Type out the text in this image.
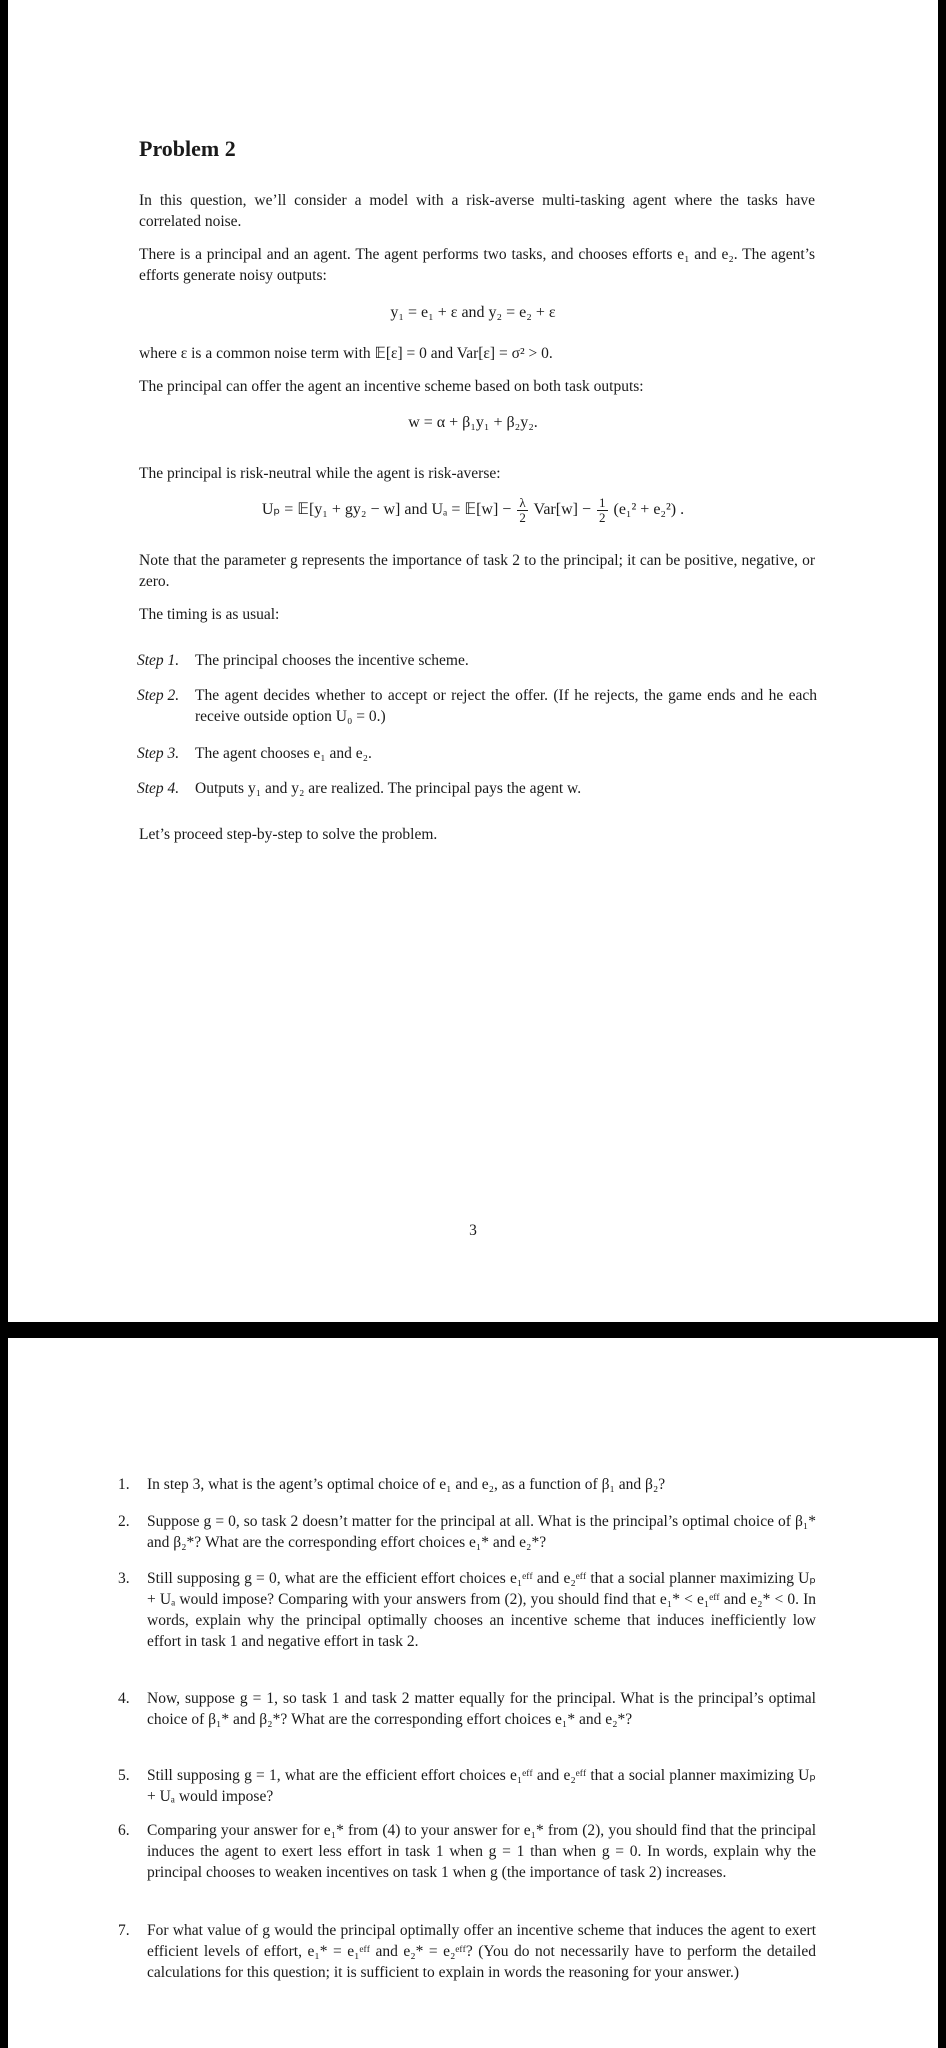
Problem 2
In this question, we’ll consider a model with a risk-averse multi-tasking agent where the tasks have correlated noise.
There is a principal and an agent. The agent performs two tasks, and chooses efforts e₁ and e₂. The agent’s efforts generate noisy outputs:
y₁ = e₁ + ε and y₂ = e₂ + ε
where ε is a common noise term with 𝔼[ε] = 0 and Var[ε] = σ² > 0.
The principal can offer the agent an incentive scheme based on both task outputs:
w = α + β₁y₁ + β₂y₂.
The principal is risk-neutral while the agent is risk-averse:
Uₚ = 𝔼[y₁ + gy₂ − w] and Uₐ = 𝔼[w] − $\frac{\lambda}{2} Var[w] - \frac{1}{2} (e_1^2 + e_2^2)$ .
Note that the parameter g represents the importance of task 2 to the principal; it can be positive, negative, or zero.
The timing is as usual:
Step 1. The principal chooses the incentive scheme.
Step 2. The agent decides whether to accept or reject the offer. (If he rejects, the game ends and he each receive outside option U₀ = 0.)
Step 3. The agent chooses e₁ and e₂.
Step 4. Outputs y₁ and y₂ are realized. The principal pays the agent w.
Let’s proceed step-by-step to solve the problem.
3
1. In step 3, what is the agent’s optimal choice of e₁ and e₂, as a function of β₁ and β₂?
2. Suppose g = 0, so task 2 doesn’t matter for the principal at all. What is the principal’s optimal choice of β₁* and β₂*? What are the corresponding effort choices e₁* and e₂*?
3. Still supposing g = 0, what are the efficient effort choices e₁ᵉᶠᶠ and e₂ᵉᶠᶠ that a social planner maximizing Uₚ + Uₐ would impose? Comparing with your answers from (2), you should find that e₁* < e₁ᵉᶠᶠ and e₂* < 0. In words, explain why the principal optimally chooses an incentive scheme that induces inefficiently low effort in task 1 and negative effort in task 2.
4. Now, suppose g = 1, so task 1 and task 2 matter equally for the principal. What is the principal’s optimal choice of β₁* and β₂*? What are the corresponding effort choices e₁* and e₂*?
5. Still supposing g = 1, what are the efficient effort choices e₁ᵉᶠᶠ and e₂ᵉᶠᶠ that a social planner maximizing Uₚ + Uₐ would impose?
6. Comparing your answer for e₁* from (4) to your answer for e₁* from (2), you should find that the principal induces the agent to exert less effort in task 1 when g = 1 than when g = 0. In words, explain why the principal chooses to weaken incentives on task 1 when g (the importance of task 2) increases.
7. For what value of g would the principal optimally offer an incentive scheme that induces the agent to exert efficient levels of effort, e₁* = e₁ᵉᶠᶠ and e₂* = e₂ᵉᶠᶠ? (You do not necessarily have to perform the detailed calculations for this question; it is sufficient to explain in words the reasoning for your answer.)
